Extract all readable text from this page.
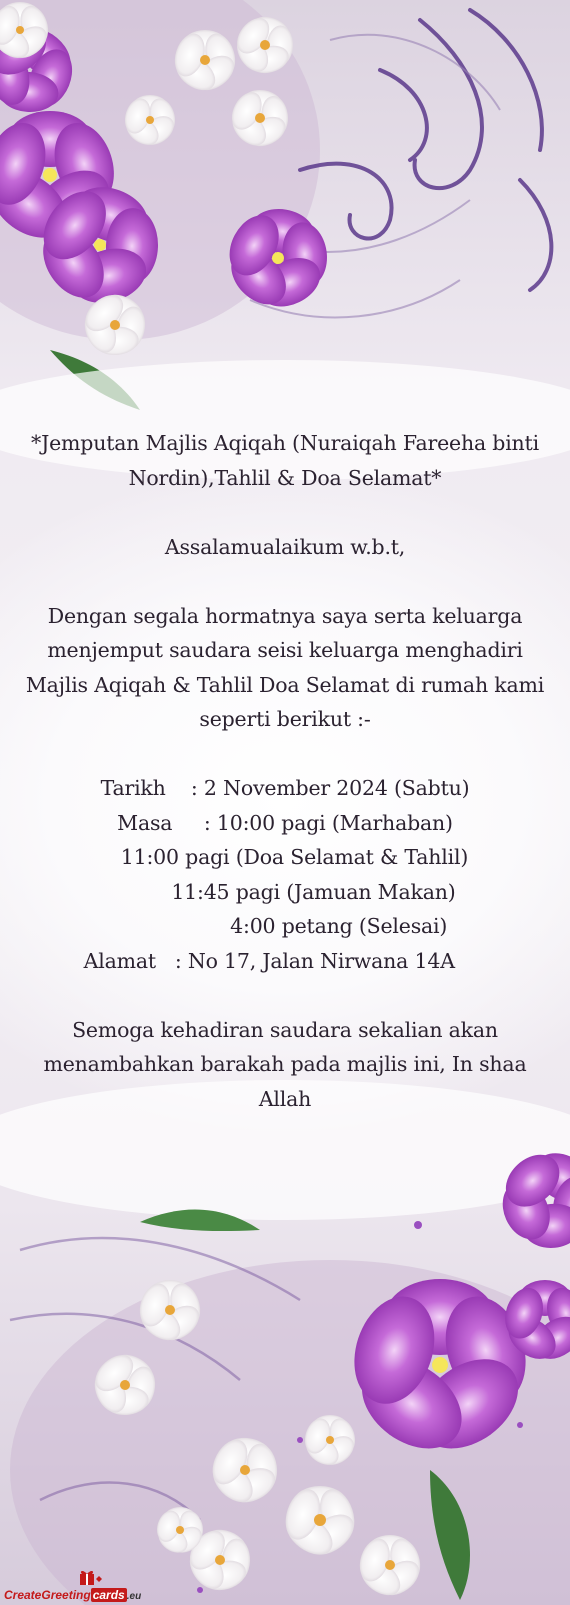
*Jemputan Majlis Aqiqah (Nuraiqah Fareeha binti Nordin),Tahlil & Doa Selamat*

Assalamualaikum w.b.t,

Dengan segala hormatnya saya serta keluarga menjemput saudara seisi keluarga menghadiri Majlis Aqiqah & Tahlil Doa Selamat di rumah kami seperti berikut :-

Tarikh    : 2 November 2024 (Sabtu)
Masa     : 10:00 pagi (Marhaban)
11:00 pagi (Doa Selamat & Tahlil)
11:45 pagi (Jamuan Makan)
4:00 petang (Selesai)
Alamat   : No 17, Jalan Nirwana 14A

Semoga kehadiran saudara sekalian akan menambahkan barakah pada majlis ini, In shaa Allah

CreateGreeting cards .eu
